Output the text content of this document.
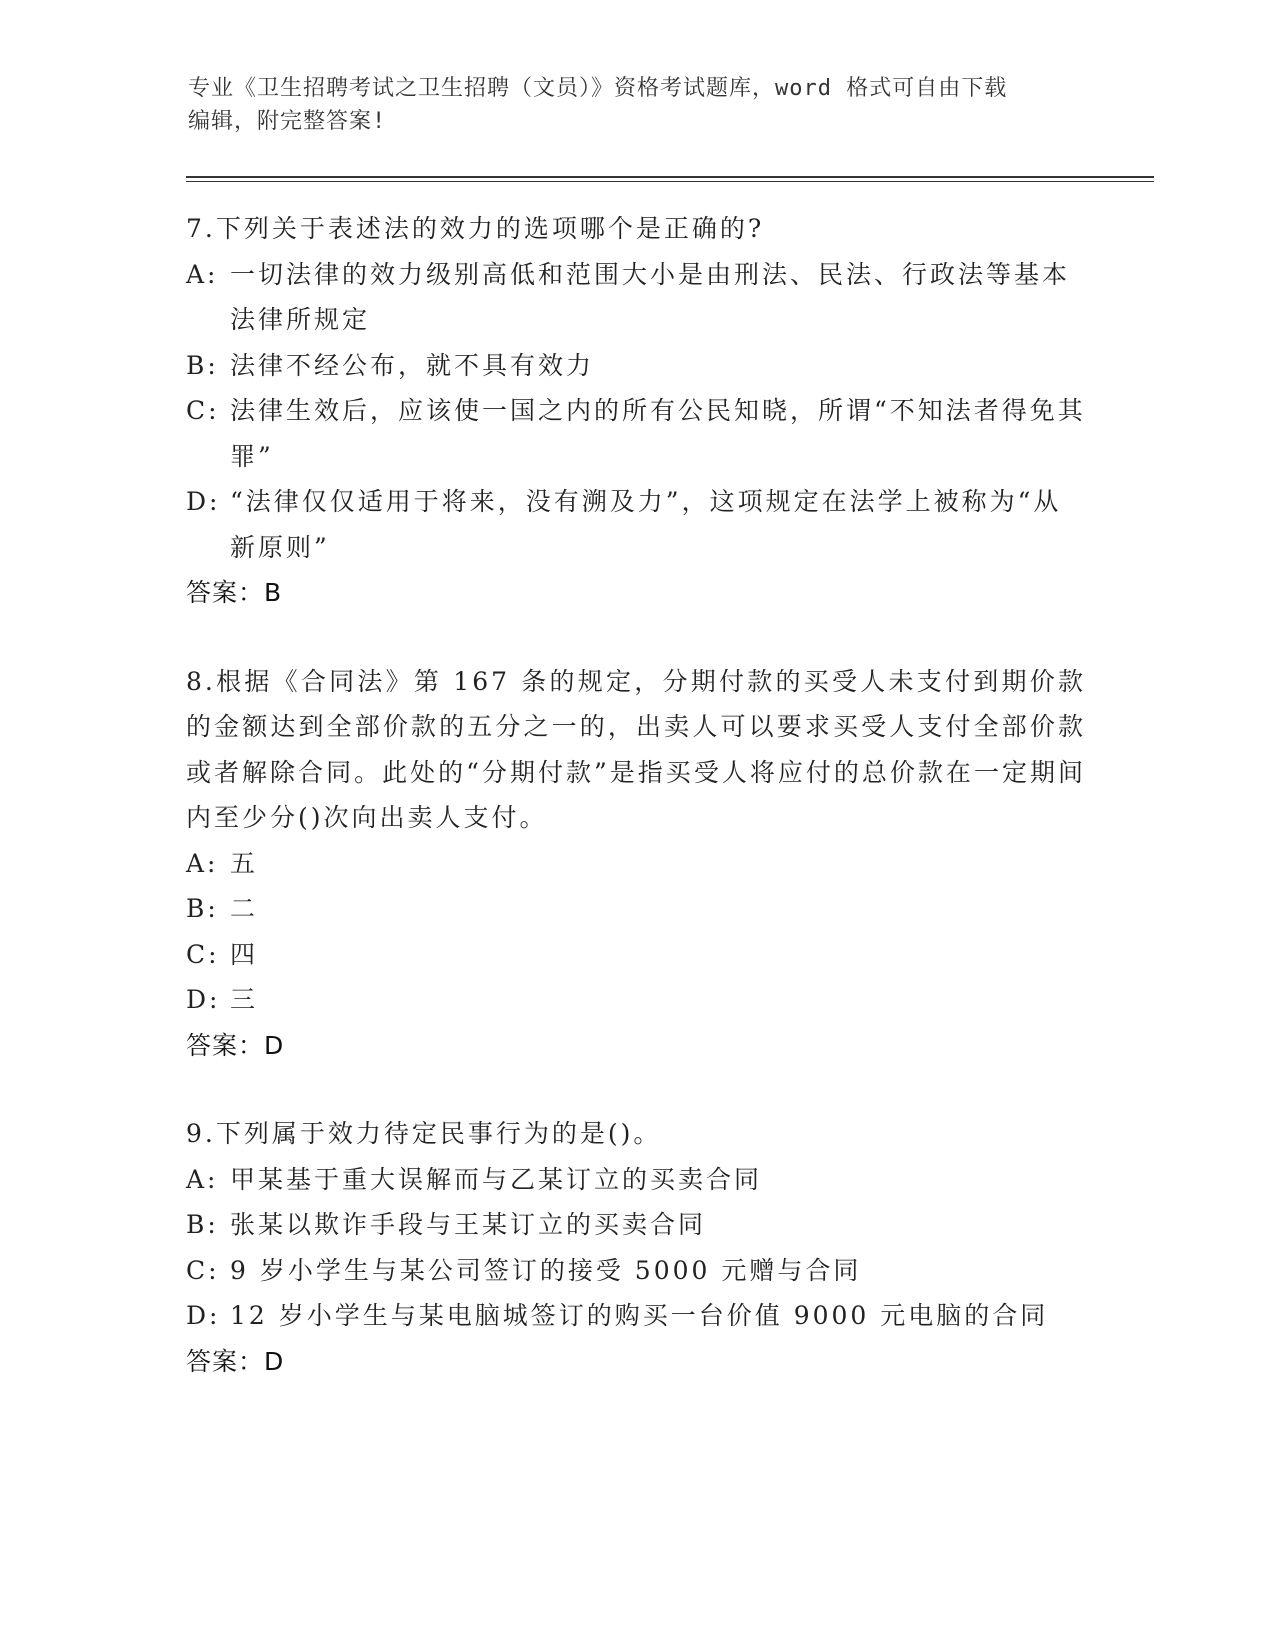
专业《卫生招聘考试之卫生招聘（文员）》资格考试题库，word 格式可自由下载
编辑，附完整答案!
7.下列关于表述法的效力的选项哪个是正确的?
A: 一切法律的效力级别高低和范围大小是由刑法、民法、行政法等基本法律所规定
B: 法律不经公布，就不具有效力
C: 法律生效后，应该使一国之内的所有公民知晓，所谓“不知法者得免其罪”
D: “法律仅仅适用于将来，没有溯及力”，这项规定在法学上被称为“从新原则”
答案：B
8.根据《合同法》第 167 条的规定，分期付款的买受人未支付到期价款的金额达到全部价款的五分之一的，出卖人可以要求买受人支付全部价款或者解除合同。此处的“分期付款”是指买受人将应付的总价款在一定期间内至少分()次向出卖人支付。
A: 五
B: 二
C: 四
D: 三
答案：D
9.下列属于效力待定民事行为的是()。
A: 甲某基于重大误解而与乙某订立的买卖合同
B: 张某以欺诈手段与王某订立的买卖合同
C: 9 岁小学生与某公司签订的接受 5000 元赠与合同
D: 12 岁小学生与某电脑城签订的购买一台价值 9000 元电脑的合同
答案：D
